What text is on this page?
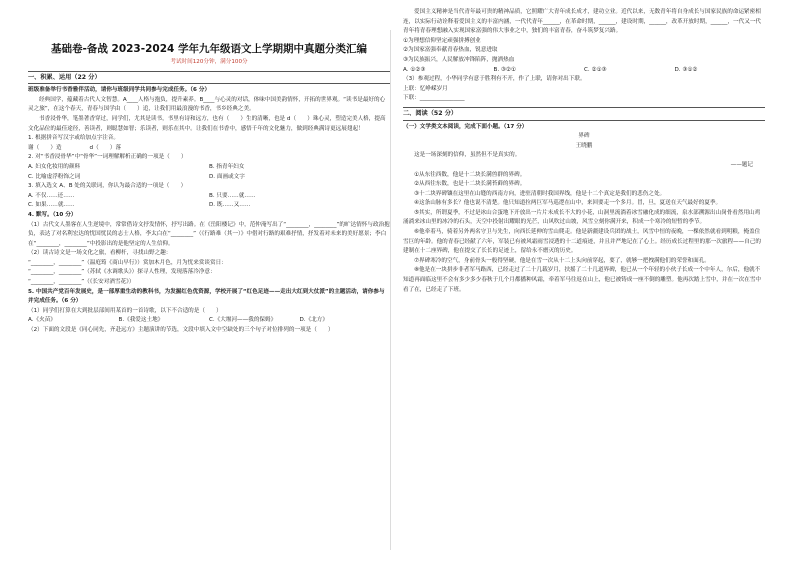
基础卷-备战 2023-2024 学年九年级语文上学期期中真题分类汇编
考试时间120分钟，满分100分
一、积累、运用（22 分）

班级准备举行书香雅伴活动，请你与班级同学共同参与完成任务。（6 分）

经典国学，蕴藏着古代人文智慧。A____人格与抱负，提升素养。B____与心灵的对话，体味中国美韵情怀，开拓的世界观。“读书是最好的心灵之旅”，在这个春天，青春与国学由（　　）追，让我们用最浪漫的书香，书乡经典之美。

书香浸骨华，笔墨著香穿过，同学们，尤其是读书，书里有诗和远方，也有（　　）生的清晰，也是 d（　　）珠心灵，塑造完美人格，提高文化品位的最佳途径，善读者，则聪慧如智；乐读者，则乐在其中。让我们在书香中，感悟千年的文化魅力，做到经典满诗更远展翅起！

1. 根据拼音写汉字或给加点字注音。

谢（　　）造　　　　　d（　　）落

2. 对“书香浸骨华”中“骨华”一词理解解析正确的一项是（　　）

A. 妇女化妆用的颜料	B. 指青年妇女
C. 比喻虚浮粉饰之词	D. 面画或文字

3. 填入选文 A、B 处的关联词，你认为最合适的一项是（　　）

A. 不仅……还……	B. 只要……就……
C. 如果……就……	D. 既……又……

4. 默写。（10 分）

（1）古代文人墨客在人生逆境中，常常借诗文抒发情怀，抒写出路。在《岳阳楼记》中，范仲淹写出了“________，________”的旷达情怀与政治抱负，表达了对名利宏达的忧国忧民的志士人格，李太白在“________”（《行路难（其一）》中借对行路的艰难抒情，抒发着对未来的美好愿景；李白在“________，________”中投影出的是他坚定的人生信仰。

（2）读古诗文是一场文化之旅，看柳杆，寻找山野之趣：

“________，________”（温庭筠《商山早行》）赏加木月色，月为忧来赏谈赏日：

“________，________”（苏轼《水调歌头》）探寻人性理，发现落落冷净意：

“________，________”（《长安对酒雪花》）

5. 中国共产党百年发展史，是一部厚重生动的教科书，为发掘红色优资源，学校开展了“红色足迹——走出大红到大仗派”的主题活动，请你参与并完成任务。（6 分）

（1）同学们打算在大到批层部间用某首的一首诗歌，以下不合适的是（　　）

A.《火苗》	B.《我爱这土地》	C.《大堰河——我的保姆》	D.《北方》

（2）下面的文段是《同心同先，齐赴远方》主题演讲的节选，文段中填入文中空缺处的三个句子对位排列的一项是（　　）

爱国主义精神是当代青年最可贵的精神品质，它照耀广大青年成长成才，建功立业。近代以来，无数青年将自身成长与国家民族的命运紧密相连，以实际行动诠释着爱国主义的丰富内涵，一代代青年______，在革命时期，______，建设时期，______，改革开放时期，______，一代又一代青年将青春理想融入实现国家富强的伟大事业之中，独们的丰富青春，奋斗筑梦复兴路。

①为理想信仰坚定顽强拼搏创业

②为国家富强奉献青春热血，锐意进取

③为民族振兴，人民解放冲锋陷阵，抛洒热血

A. ①②③	B. ③②①	C. ②①③	D. ③①②

（3）参观过程，小华同学有意于胜利有不开，作了上联，请你对出下联。

上联：忆峥嵘岁月

下联：________________

二、阅读（52 分）

（一）文学类文本阅读，完成下面小题。（17 分）

界碑

王晓鹏

这是一场深刻的信仰，虽然但不是真实的。

——题记

①从东往西数，他是十二块长满兽群的界碑。

②从西往东数，也是十二块长满苔藓的界碑。

③十二块界碑镶在这里在山缝的西南方向，进驻清朝时我国界线，他是十二个真定是我们的悲伤之处。

④这条山脉有多长？他也说不清楚。他只知道拉两巨军马巡逻在山中，来回要走一个多月。冒，旦，夏送在天气最好的夏季。

⑤其实，所谓夏季，不过是冰山合蛋地下开放出一片片未成长不大的小花，山洞里流淌着冰雪融化成的细流，泉水部溯源出山岗骨看然用山鸡涌淌来冰山里的冰冷的石头，天空中投射出耀眼的光芒，山风吹过山坡，风雪立刻你满开来，积成一个寒冷的短暂的季节。

⑥他牵着马，骑着另外两名守卫与先生，向西长延伸的雪山爬走。他是新疆建设兵团的战士，风雪中恒的夜晚，一棵依然就看到明粮，掩盖住雪巨的年龄。他的青春已经献了六年，军装已有被风霜雨雪浸透的十二道痕迹，并且并严地记在了心上。经历成长过程里的那一次旅程——自己的建制在十二座界碑，他在提交了长长的足迹上，留给永不磨灭的历史。

⑦界碑寒冷的空气，身前骨头一般得坚硬，他是在雪一次从十二上头向前穿起，要了，就够一把拽满他们的荣誉和面孔。

⑧他是在一块拼步非者军马路西，已经走过了二十几载岁月，扶摇了二十几道界碑，他已从一个年轻的小伙子长成一个中年人，尔后，他就不知道再面临这里不会有多少多少春秋于几个月都播种风霜，牵着军马往返在山上，他已被铸成一座不倒的雕塑。他再次踏上雪中，并在一次在雪中看了在，已经走了下班。
